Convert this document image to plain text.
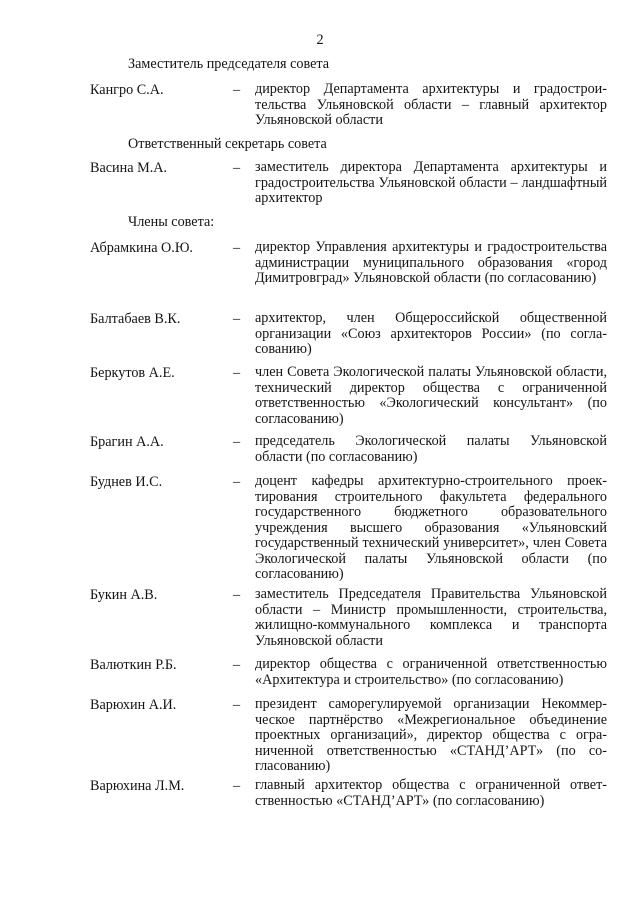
2
Заместитель председателя совета
Кангро С.А.	– директор Департамента архитектуры и градостроительства Ульяновской области – главный архитектор Ульяновской области
Ответственный секретарь совета
Васина М.А.	– заместитель директора Департамента архитектуры и градостроительства Ульяновской области – ландшафтный архитектор
Члены совета:
Абрамкина О.Ю.	– директор Управления архитектуры и градостроительства администрации муниципального образования «город Димитровград» Ульяновской области (по согласованию)
Балтабаев В.К.	– архитектор, член Общероссийской общественной организации «Союз архитекторов России» (по согласованию)
Беркутов А.Е.	– член Совета Экологической палаты Ульяновской области, технический директор общества с ограниченной ответственностью «Экологический консультант» (по согласованию)
Брагин А.А.	– председатель Экологической палаты Ульяновской области (по согласованию)
Буднев И.С.	– доцент кафедры архитектурно-строительного проектирования строительного факультета федерального государственного бюджетного образовательного учреждения высшего образования «Ульяновский государственный технический университет», член Совета Экологической палаты Ульяновской области (по согласованию)
Букин А.В.	– заместитель Председателя Правительства Ульяновской области – Министр промышленности, строительства, жилищно-коммунального комплекса и транспорта Ульяновской области
Валюткин Р.Б.	– директор общества с ограниченной ответственностью «Архитектура и строительство» (по согласованию)
Варюхин А.И.	– президент саморегулируемой организации Некоммерческое партнёрство «Межрегиональное объединение проектных организаций», директор общества с ограниченной ответственностью «СТАНД’АРТ» (по согласованию)
Варюхина Л.М.	– главный архитектор общества с ограниченной ответственностью «СТАНД’АРТ» (по согласованию)
